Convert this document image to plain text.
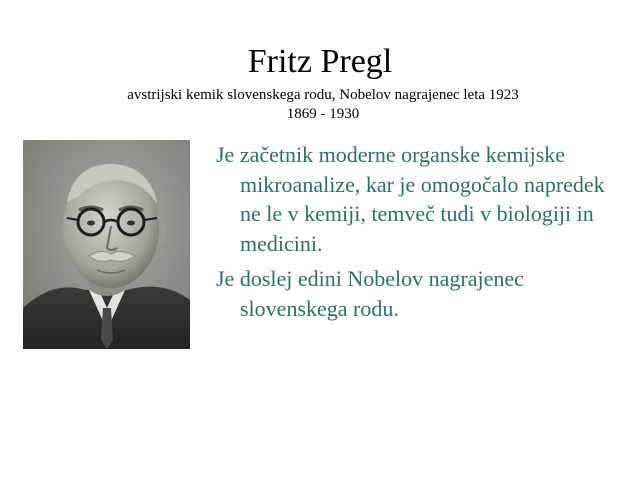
Fritz Pregl
avstrijski kemik slovenskega rodu, Nobelov nagrajenec leta 1923
1869 - 1930

Je začetnik moderne organske kemijske mikroanalize, kar je omogočalo napredek ne le v kemiji, temveč tudi v biologiji in medicini.

Je doslej edini Nobelov nagrajenec slovenskega rodu.
